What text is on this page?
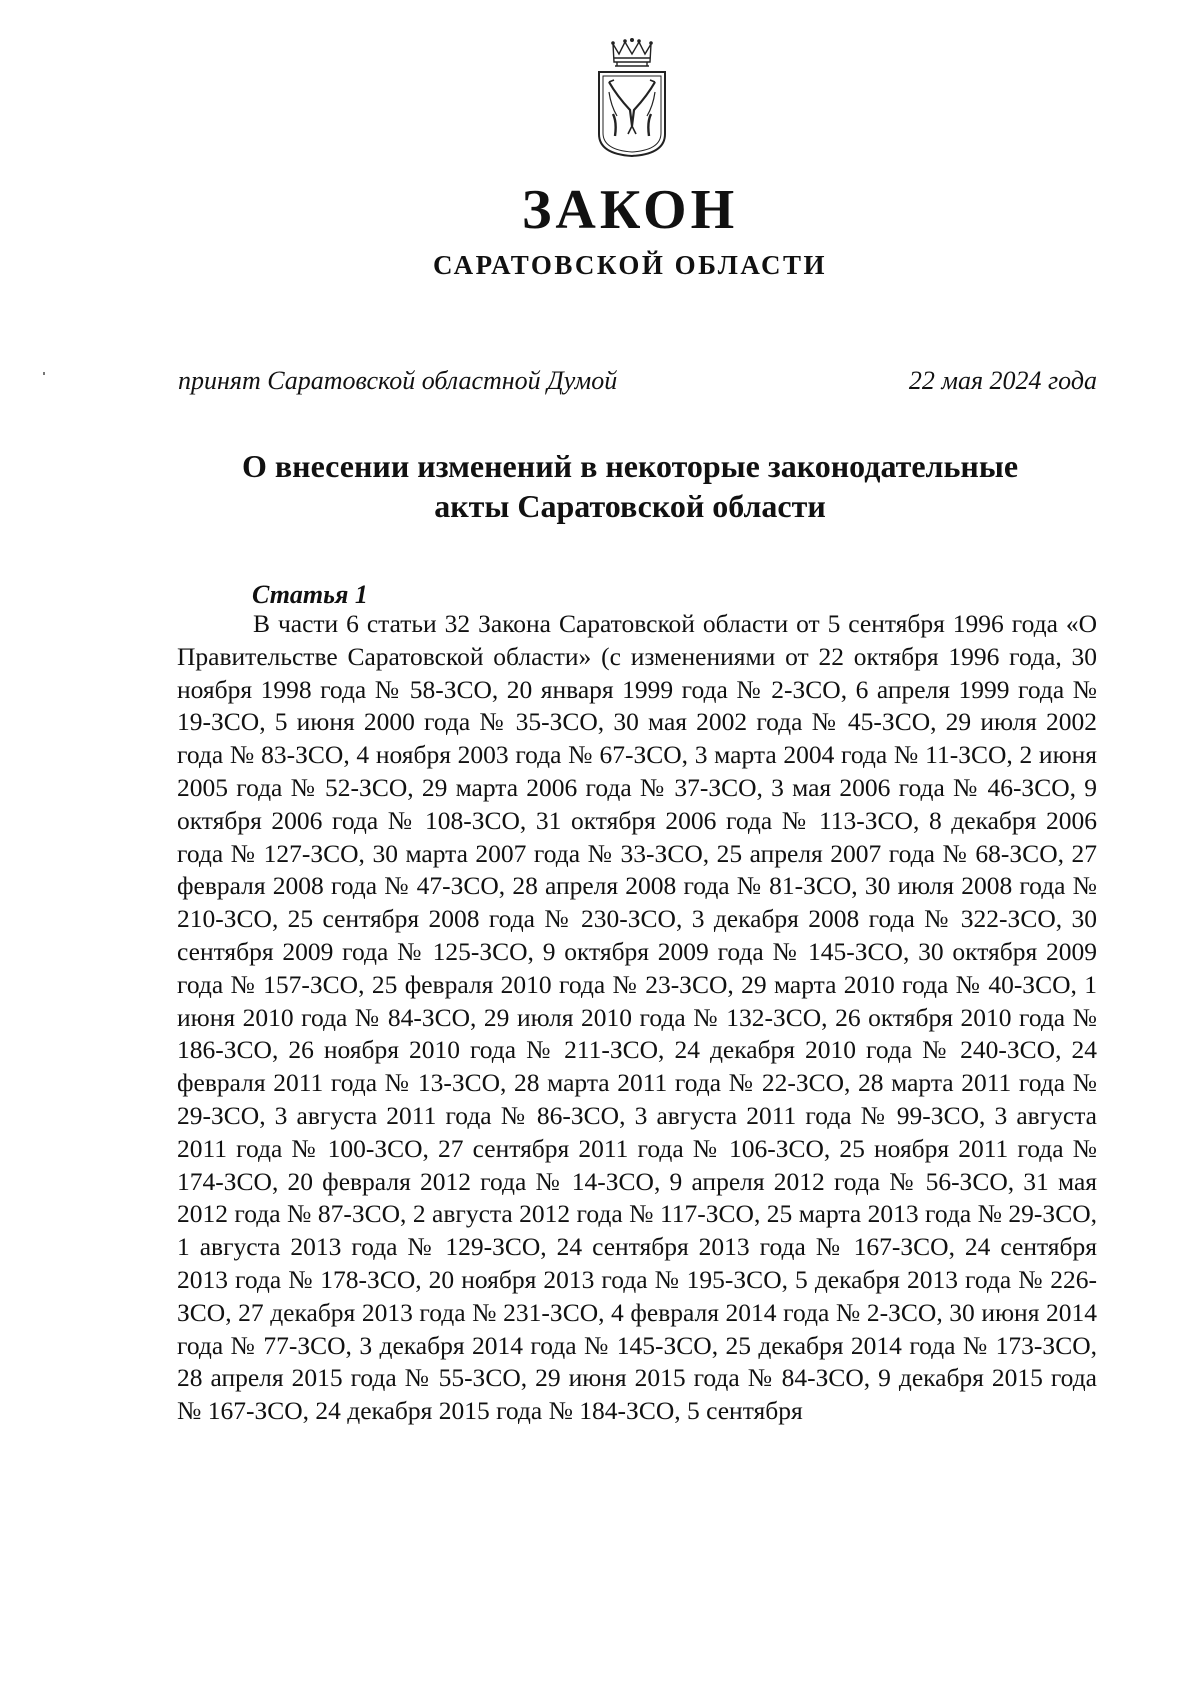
ЗАКОН
САРАТОВСКОЙ ОБЛАСТИ
принят Саратовской областной Думой	22 мая 2024 года
О внесении изменений в некоторые законодательные
акты Саратовской области
Статья 1
В части 6 статьи 32 Закона Саратовской области от 5 сентября 1996 года «О Правительстве Саратовской области» (с изменениями от 22 октября 1996 года, 30 ноября 1998 года № 58-ЗСО, 20 января 1999 года № 2-ЗСО, 6 апреля 1999 года № 19-ЗСО, 5 июня 2000 года № 35-ЗСО, 30 мая 2002 года № 45-ЗСО, 29 июля 2002 года № 83-ЗСО, 4 ноября 2003 года № 67-ЗСО, 3 марта 2004 года № 11-ЗСО, 2 июня 2005 года № 52-ЗСО, 29 марта 2006 года № 37-ЗСО, 3 мая 2006 года № 46-ЗСО, 9 октября 2006 года № 108-ЗСО, 31 октября 2006 года № 113-ЗСО, 8 декабря 2006 года № 127-ЗСО, 30 марта 2007 года № 33-ЗСО, 25 апреля 2007 года № 68-ЗСО, 27 февраля 2008 года № 47-ЗСО, 28 апреля 2008 года № 81-ЗСО, 30 июля 2008 года № 210-ЗСО, 25 сентября 2008 года № 230-ЗСО, 3 декабря 2008 года № 322-ЗСО, 30 сентября 2009 года № 125-ЗСО, 9 октября 2009 года № 145-ЗСО, 30 октября 2009 года № 157-ЗСО, 25 февраля 2010 года № 23-ЗСО, 29 марта 2010 года № 40-ЗСО, 1 июня 2010 года № 84-ЗСО, 29 июля 2010 года № 132-ЗСО, 26 октября 2010 года № 186-ЗСО, 26 ноября 2010 года № 211-ЗСО, 24 декабря 2010 года № 240-ЗСО, 24 февраля 2011 года № 13-ЗСО, 28 марта 2011 года № 22-ЗСО, 28 марта 2011 года № 29-ЗСО, 3 августа 2011 года № 86-ЗСО, 3 августа 2011 года № 99-ЗСО, 3 августа 2011 года № 100-ЗСО, 27 сентября 2011 года № 106-ЗСО, 25 ноября 2011 года № 174-ЗСО, 20 февраля 2012 года № 14-ЗСО, 9 апреля 2012 года № 56-ЗСО, 31 мая 2012 года № 87-ЗСО, 2 августа 2012 года № 117-ЗСО, 25 марта 2013 года № 29-ЗСО, 1 августа 2013 года № 129-ЗСО, 24 сентября 2013 года № 167-ЗСО, 24 сентября 2013 года № 178-ЗСО, 20 ноября 2013 года № 195-ЗСО, 5 декабря 2013 года № 226-ЗСО, 27 декабря 2013 года № 231-ЗСО, 4 февраля 2014 года № 2-ЗСО, 30 июня 2014 года № 77-ЗСО, 3 декабря 2014 года № 145-ЗСО, 25 декабря 2014 года № 173-ЗСО, 28 апреля 2015 года № 55-ЗСО, 29 июня 2015 года № 84-ЗСО, 9 декабря 2015 года № 167-ЗСО, 24 декабря 2015 года № 184-ЗСО, 5 сентября
